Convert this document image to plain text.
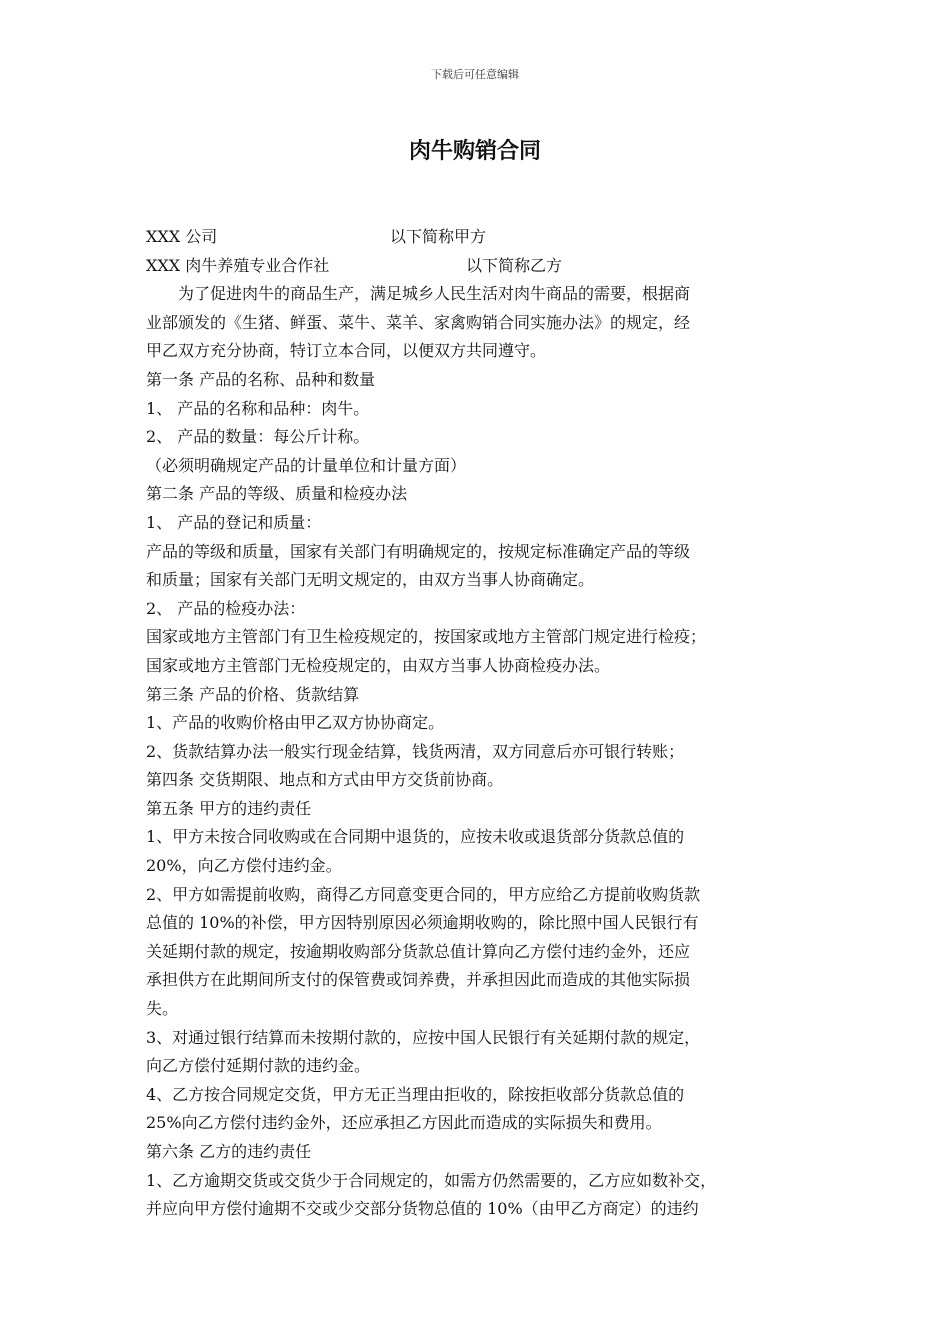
下载后可任意编辑
肉牛购销合同
XXX 公司	以下简称甲方
XXX 肉牛养殖专业合作社	以下简称乙方
为了促进肉牛的商品生产，满足城乡人民生活对肉牛商品的需要，根据商
业部颁发的《生猪、鲜蛋、菜牛、菜羊、家禽购销合同实施办法》的规定，经
甲乙双方充分协商，特订立本合同，以便双方共同遵守。
第一条 产品的名称、品种和数量
1、 产品的名称和品种：肉牛。
2、 产品的数量：每公斤计称。
（必须明确规定产品的计量单位和计量方面）
第二条 产品的等级、质量和检疫办法
1、 产品的登记和质量：
产品的等级和质量，国家有关部门有明确规定的，按规定标准确定产品的等级
和质量；国家有关部门无明文规定的，由双方当事人协商确定。
2、 产品的检疫办法：
国家或地方主管部门有卫生检疫规定的，按国家或地方主管部门规定进行检疫；
国家或地方主管部门无检疫规定的，由双方当事人协商检疫办法。
第三条 产品的价格、货款结算
1、产品的收购价格由甲乙双方协协商定。
2、货款结算办法一般实行现金结算，钱货两清，双方同意后亦可银行转账；
第四条 交货期限、地点和方式由甲方交货前协商。
第五条 甲方的违约责任
1、甲方未按合同收购或在合同期中退货的，应按未收或退货部分货款总值的
20%，向乙方偿付违约金。
2、甲方如需提前收购，商得乙方同意变更合同的，甲方应给乙方提前收购货款
总值的 10%的补偿，甲方因特别原因必须逾期收购的，除比照中国人民银行有
关延期付款的规定，按逾期收购部分货款总值计算向乙方偿付违约金外，还应
承担供方在此期间所支付的保管费或饲养费，并承担因此而造成的其他实际损
失。
3、对通过银行结算而未按期付款的，应按中国人民银行有关延期付款的规定，
向乙方偿付延期付款的违约金。
4、乙方按合同规定交货，甲方无正当理由拒收的，除按拒收部分货款总值的
25%向乙方偿付违约金外，还应承担乙方因此而造成的实际损失和费用。
第六条 乙方的违约责任
1、乙方逾期交货或交货少于合同规定的，如需方仍然需要的，乙方应如数补交，
并应向甲方偿付逾期不交或少交部分货物总值的 10%（由甲乙方商定）的违约
